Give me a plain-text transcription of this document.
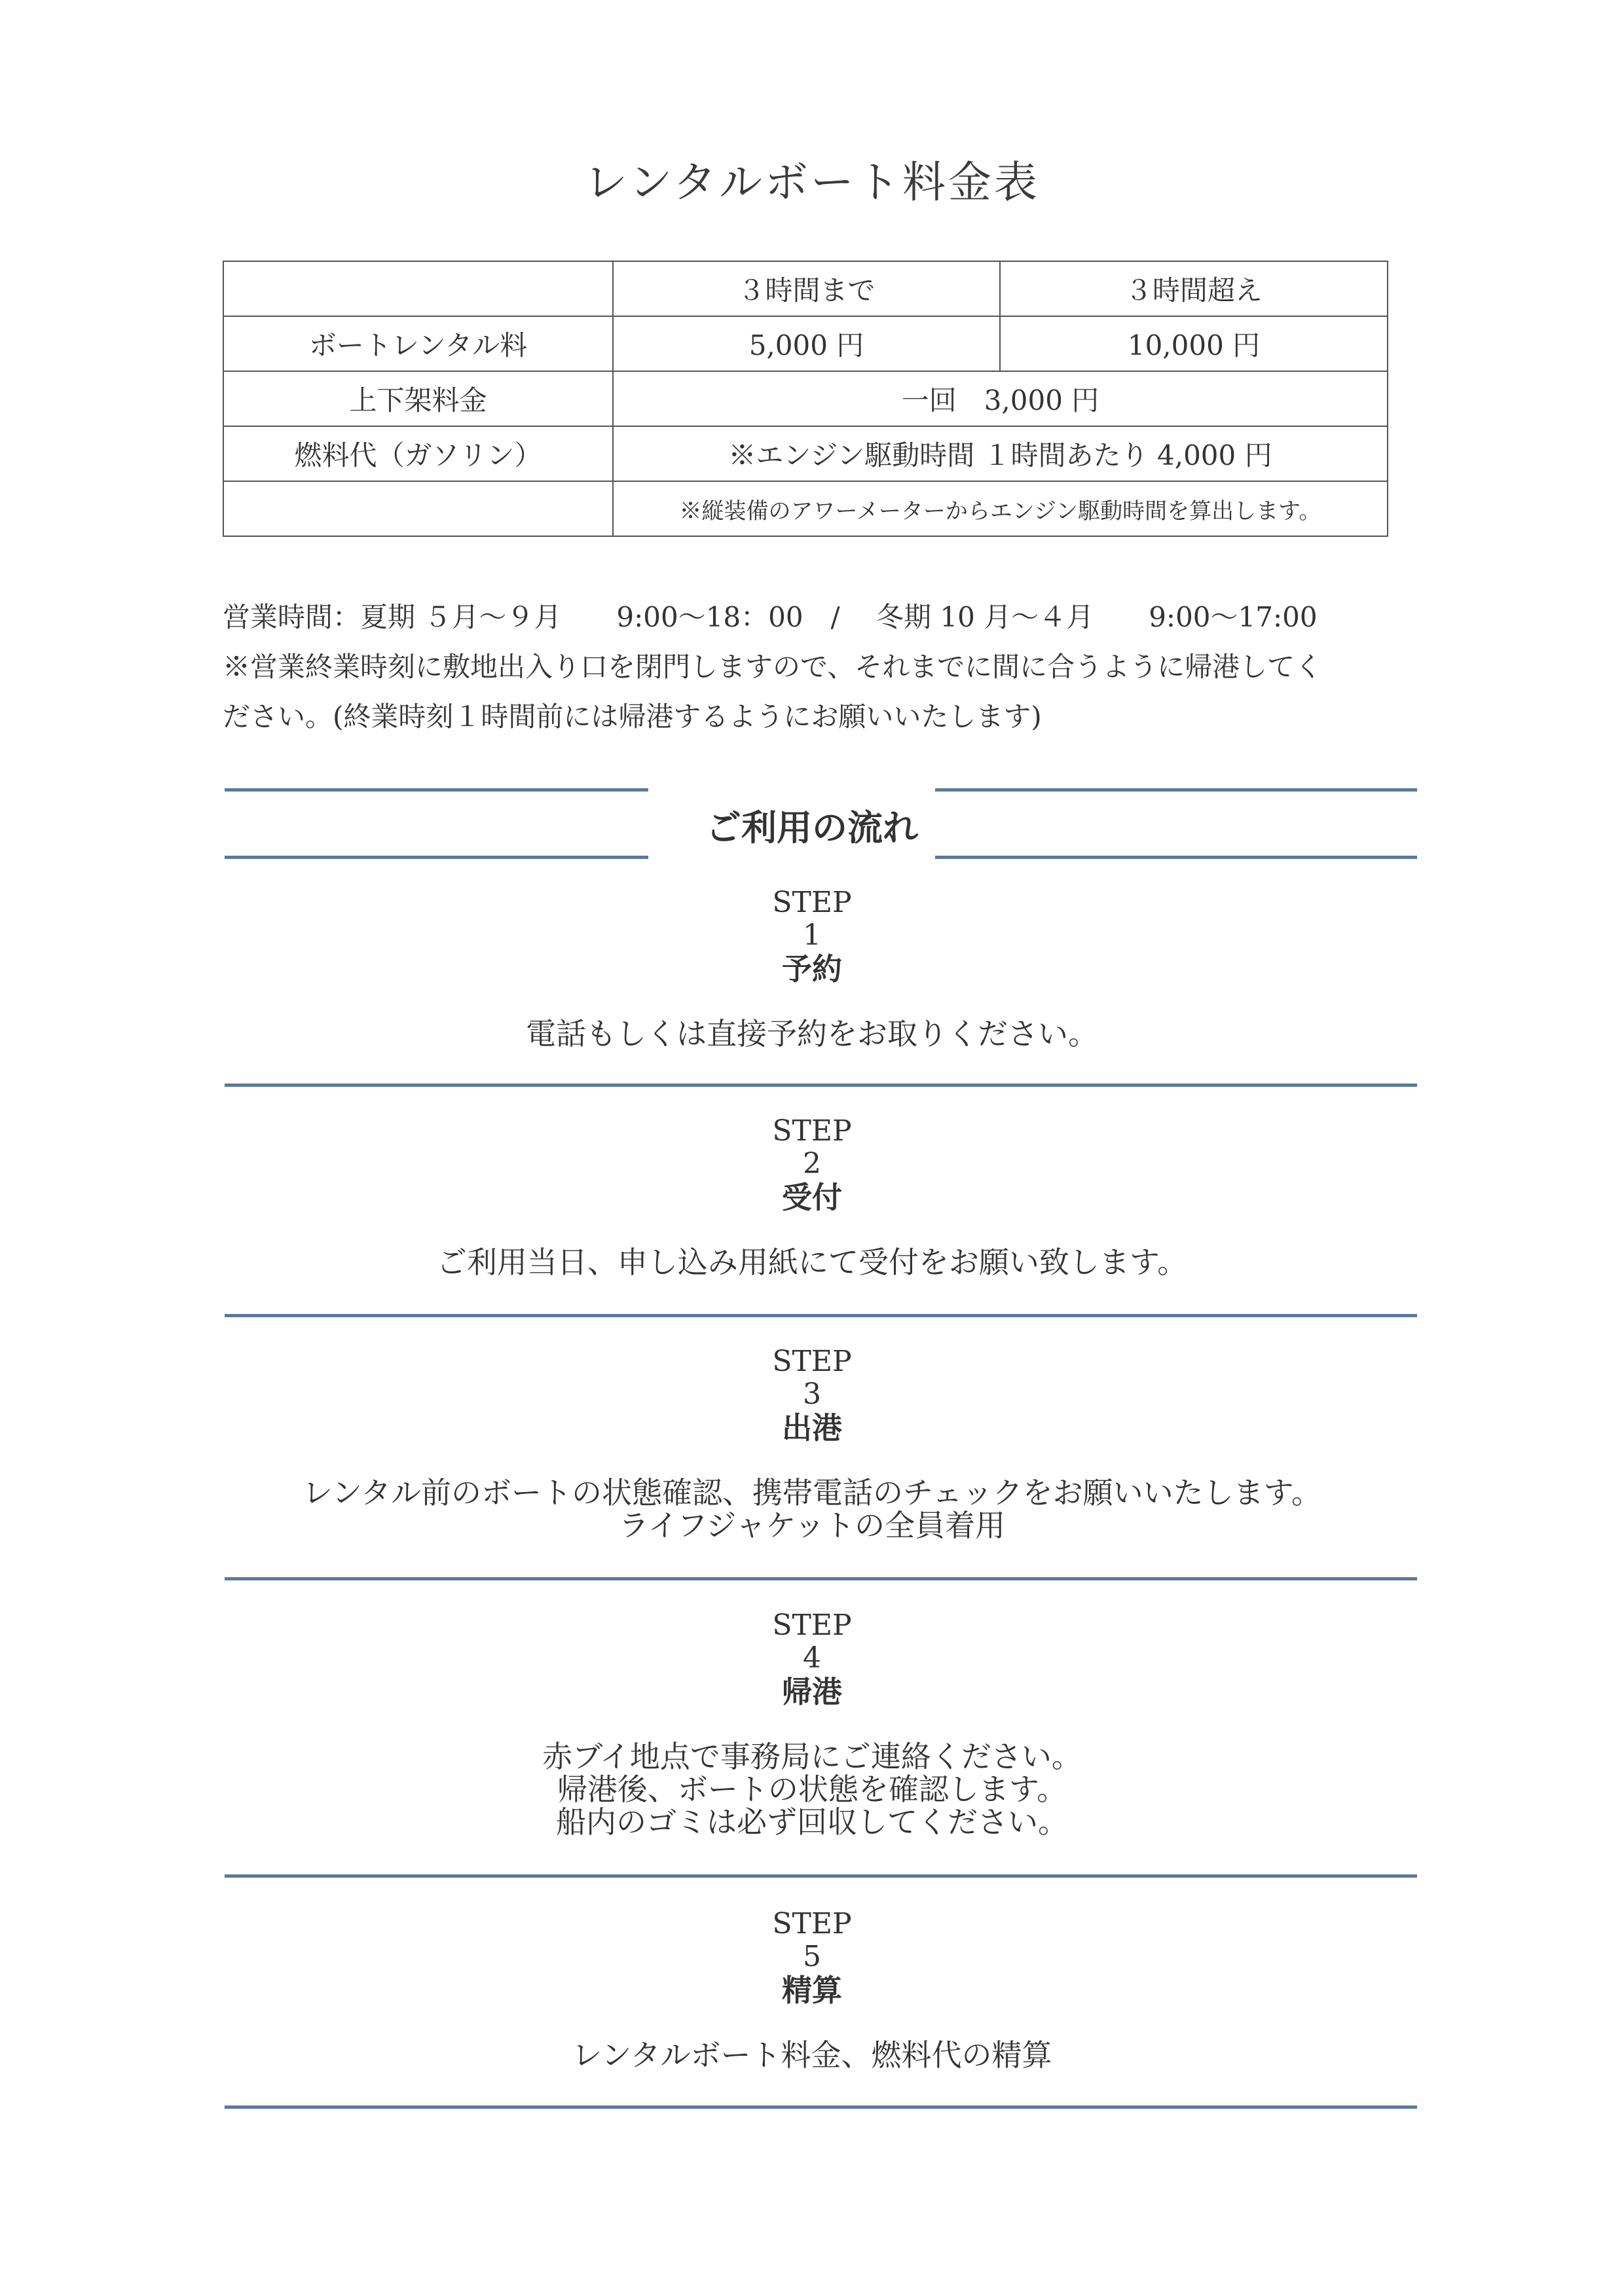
レンタルボート料金表
	３時間まで	３時間超え
ボートレンタル料	5,000 円	10,000 円
上下架料金	一回　3,000 円	
燃料代（ガソリン）	※エンジン駆動時間 １時間あたり 4,000 円	
	※縦装備のアワーメーターからエンジン駆動時間を算出します。	
営業時間：夏期 ５月〜９月　　9:00〜18：00　/　 冬期 10 月〜４月　　9:00〜17:00
※営業終業時刻に敷地出入り口を閉門しますので、それまでに間に合うように帰港してく
ださい。(終業時刻１時間前には帰港するようにお願いいたします)
ご利用の流れ
STEP
1
予約
電話もしくは直接予約をお取りください。
STEP
2
受付
ご利用当日、申し込み用紙にて受付をお願い致します。
STEP
3
出港
レンタル前のボートの状態確認、携帯電話のチェックをお願いいたします。
ライフジャケットの全員着用
STEP
4
帰港
赤ブイ地点で事務局にご連絡ください。
帰港後、ボートの状態を確認します。
船内のゴミは必ず回収してください。
STEP
5
精算
レンタルボート料金、燃料代の精算
